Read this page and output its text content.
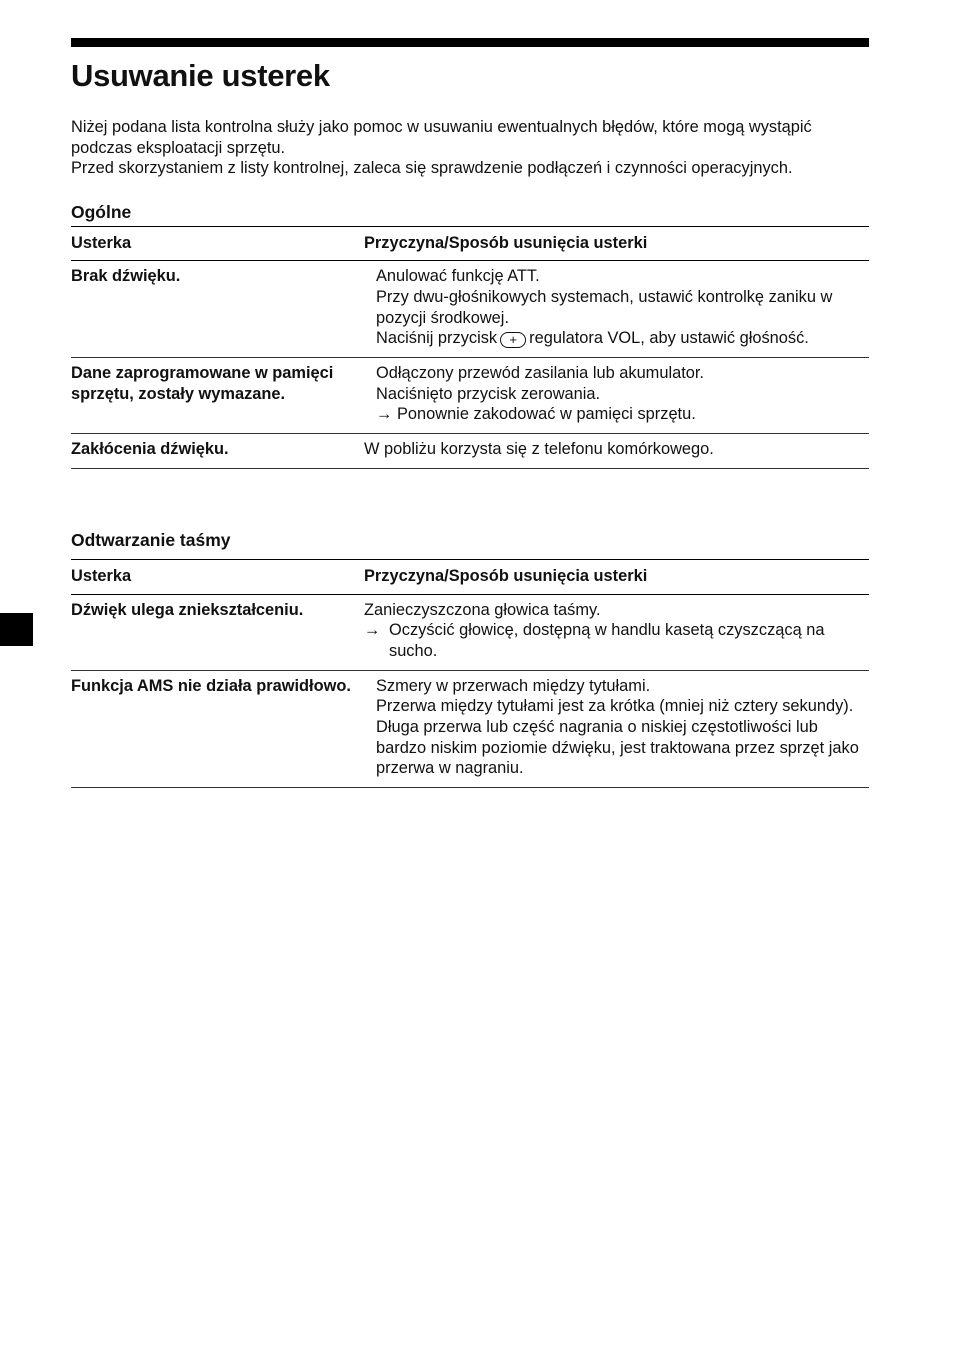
Usuwanie usterek

Niżej podana lista kontrolna służy jako pomoc w usuwaniu ewentualnych błędów, które mogą wystąpić podczas eksploatacji sprzętu.

Przed skorzystaniem z listy kontrolnej, zaleca się sprawdzenie podłączeń i czynności operacyjnych.

Ogólne
Usterka	Przyczyna/Sposób usunięcia usterki
Brak dźwięku.	Anulować funkcję ATT.
Przy dwu-głośnikowych systemach, ustawić kontrolkę zaniku w pozycji środkowej.
Naciśnij przycisk + regulatora VOL, aby ustawić głośność.

Dane zaprogramowane w pamięci sprzętu, zostały wymazane.	Odłączony przewód zasilania lub akumulator.
Naciśnięto przycisk zerowania.
→ Ponownie zakodować w pamięci sprzętu.

Zakłócenia dźwięku.	W pobliżu korzysta się z telefonu komórkowego.
Odtwarzanie taśmy
Usterka	Przyczyna/Sposób usunięcia usterki
Dźwięk ulega zniekształceniu.	Zanieczyszczona głowica taśmy.
→ Oczyścić głowicę, dostępną w handlu kasetą czyszczącą na sucho.

Funkcja AMS nie działa prawidłowo.	Szmery w przerwach między tytułami.
Przerwa między tytułami jest za krótka (mniej niż cztery sekundy).
Długa przerwa lub część nagrania o niskiej częstotliwości lub bardzo niskim poziomie dźwięku, jest traktowana przez sprzęt jako przerwa w nagraniu.
